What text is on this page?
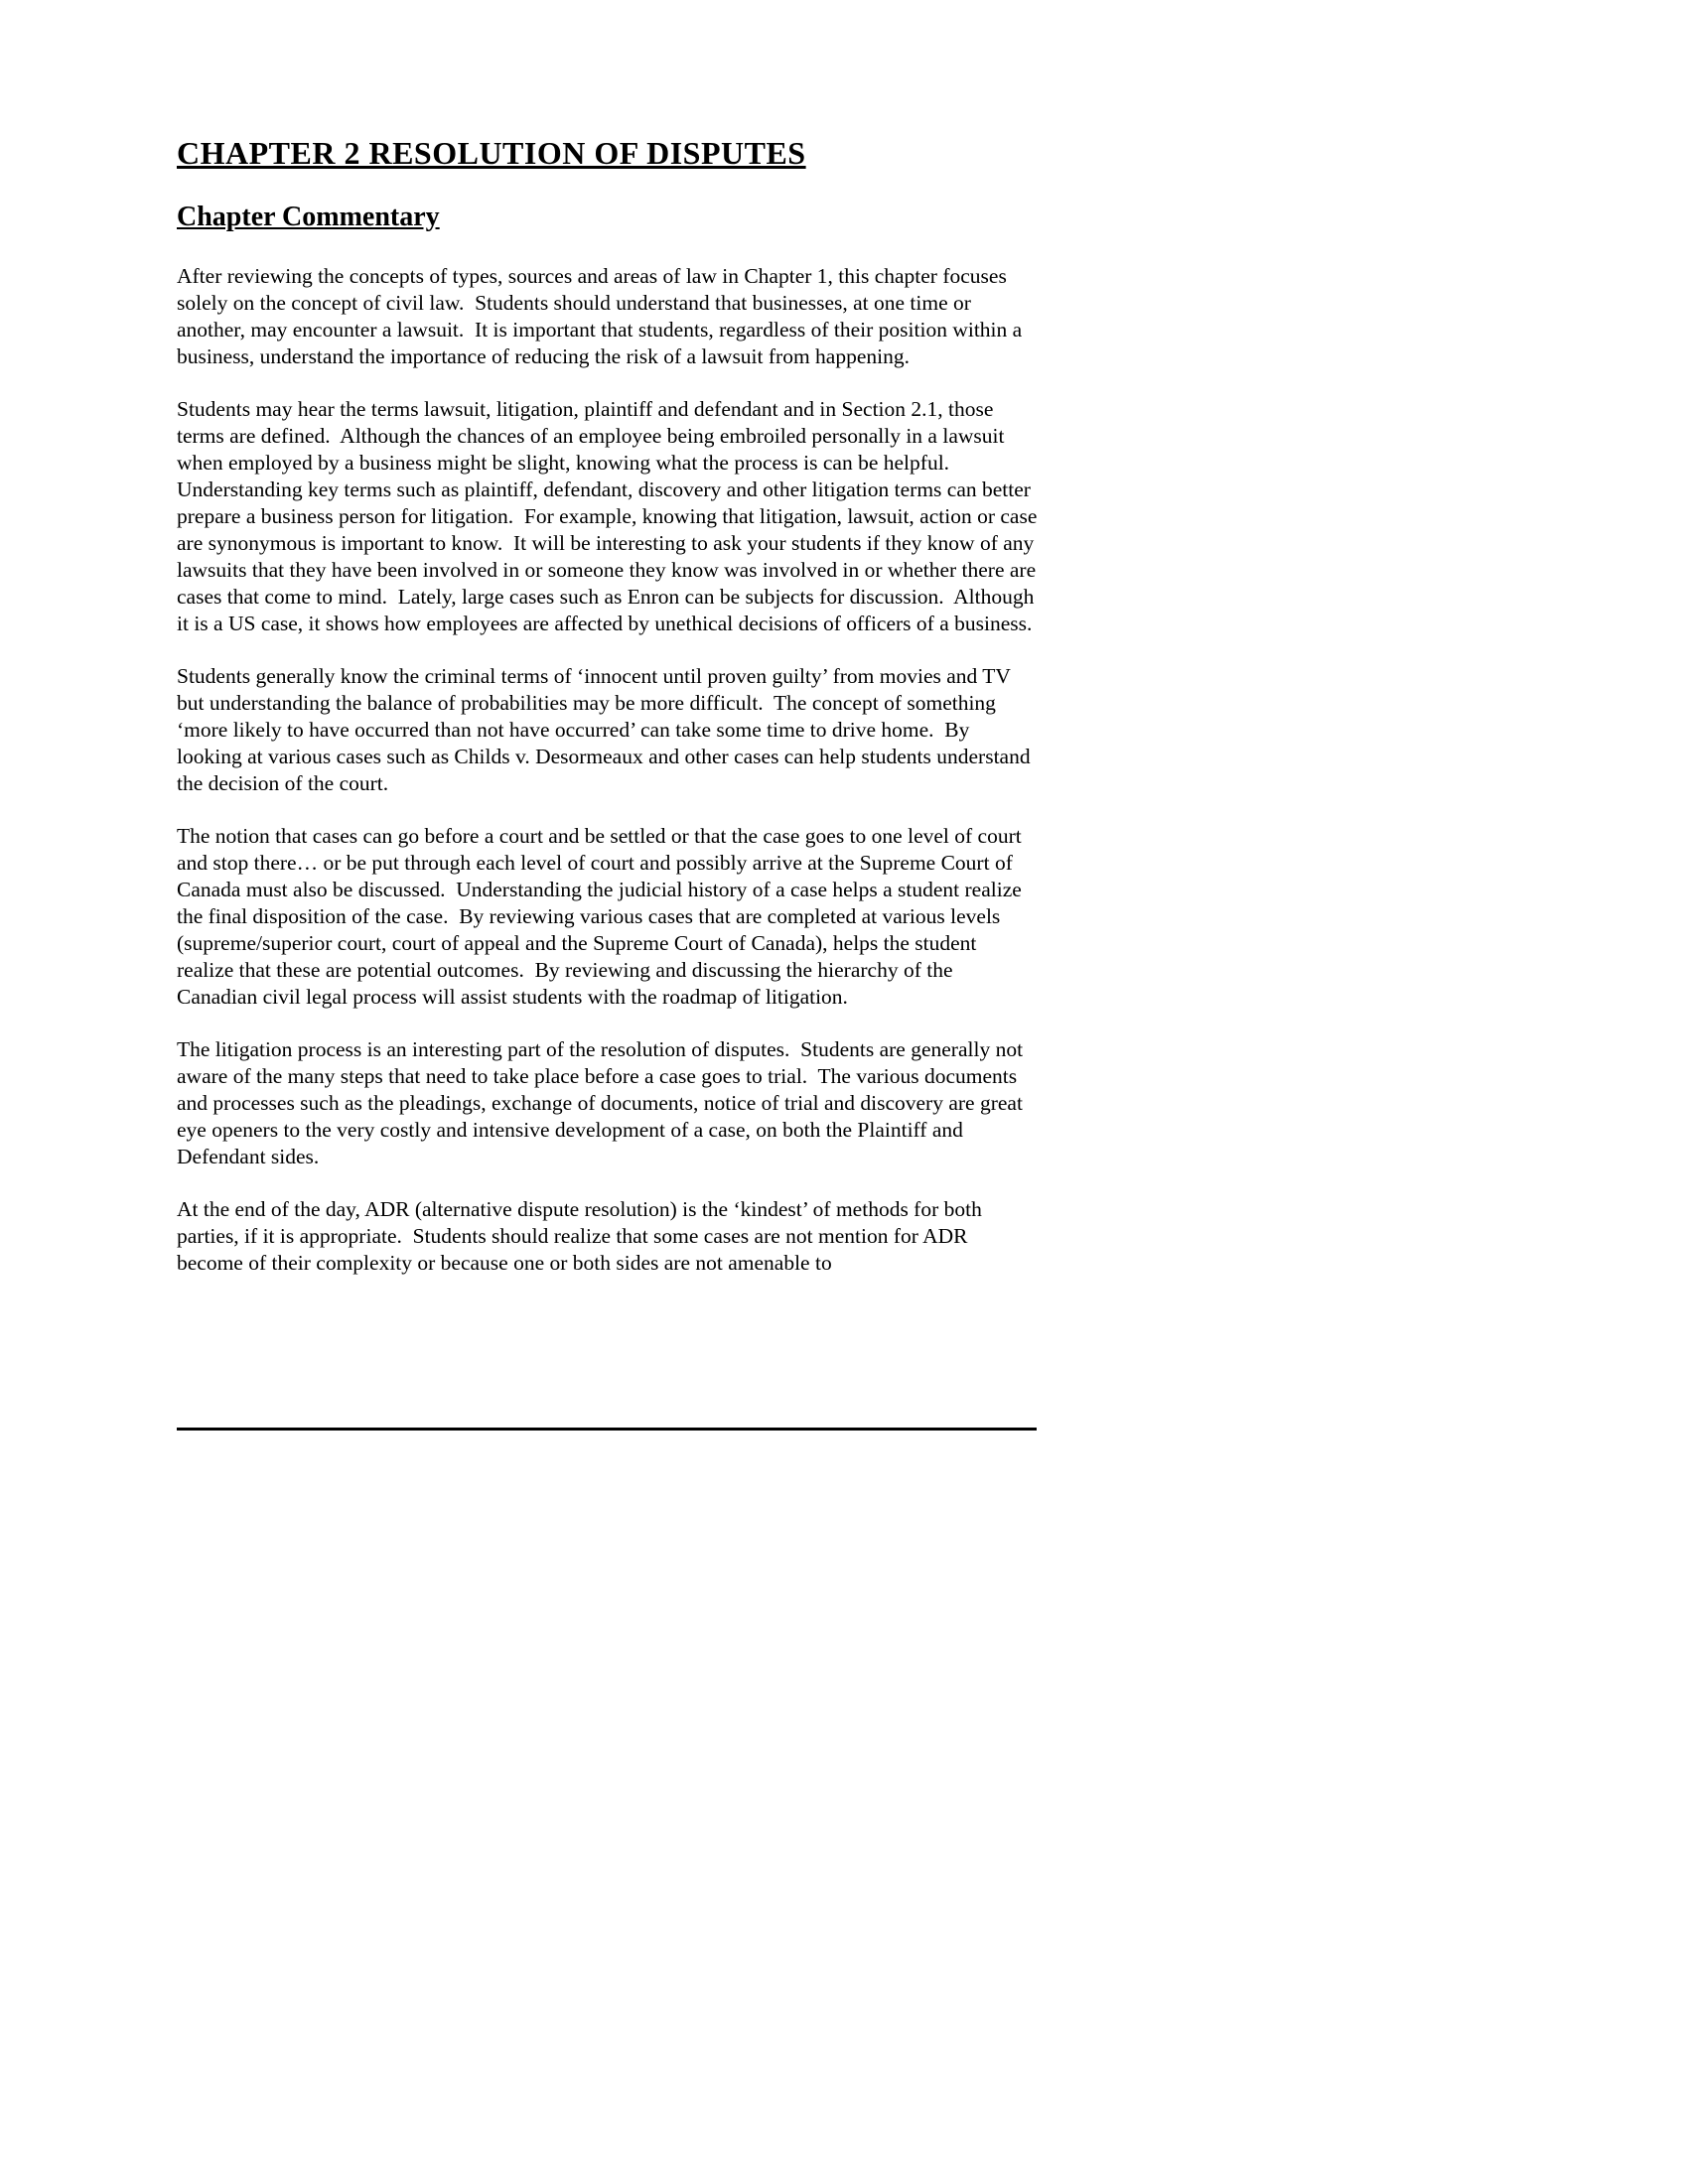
CHAPTER 2 RESOLUTION OF DISPUTES
Chapter Commentary

After reviewing the concepts of types, sources and areas of law in Chapter 1, this chapter focuses solely on the concept of civil law.  Students should understand that businesses, at one time or another, may encounter a lawsuit.  It is important that students, regardless of their position within a business, understand the importance of reducing the risk of a lawsuit from happening.

Students may hear the terms lawsuit, litigation, plaintiff and defendant and in Section 2.1, those terms are defined.  Although the chances of an employee being embroiled personally in a lawsuit when employed by a business might be slight, knowing what the process is can be helpful.  Understanding key terms such as plaintiff, defendant, discovery and other litigation terms can better prepare a business person for litigation.  For example, knowing that litigation, lawsuit, action or case are synonymous is important to know.  It will be interesting to ask your students if they know of any lawsuits that they have been involved in or someone they know was involved in or whether there are cases that come to mind.  Lately, large cases such as Enron can be subjects for discussion.  Although it is a US case, it shows how employees are affected by unethical decisions of officers of a business.

Students generally know the criminal terms of ‘innocent until proven guilty’ from movies and TV but understanding the balance of probabilities may be more difficult.  The concept of something ‘more likely to have occurred than not have occurred’ can take some time to drive home.  By looking at various cases such as Childs v. Desormeaux and other cases can help students understand the decision of the court.

The notion that cases can go before a court and be settled or that the case goes to one level of court and stop there… or be put through each level of court and possibly arrive at the Supreme Court of Canada must also be discussed.  Understanding the judicial history of a case helps a student realize the final disposition of the case.  By reviewing various cases that are completed at various levels (supreme/superior court, court of appeal and the Supreme Court of Canada), helps the student realize that these are potential outcomes.  By reviewing and discussing the hierarchy of the Canadian civil legal process will assist students with the roadmap of litigation.

The litigation process is an interesting part of the resolution of disputes.  Students are generally not aware of the many steps that need to take place before a case goes to trial.  The various documents and processes such as the pleadings, exchange of documents, notice of trial and discovery are great eye openers to the very costly and intensive development of a case, on both the Plaintiff and Defendant sides.

At the end of the day, ADR (alternative dispute resolution) is the ‘kindest’ of methods for both parties, if it is appropriate.  Students should realize that some cases are not mention for ADR become of their complexity or because one or both sides are not amenable to
